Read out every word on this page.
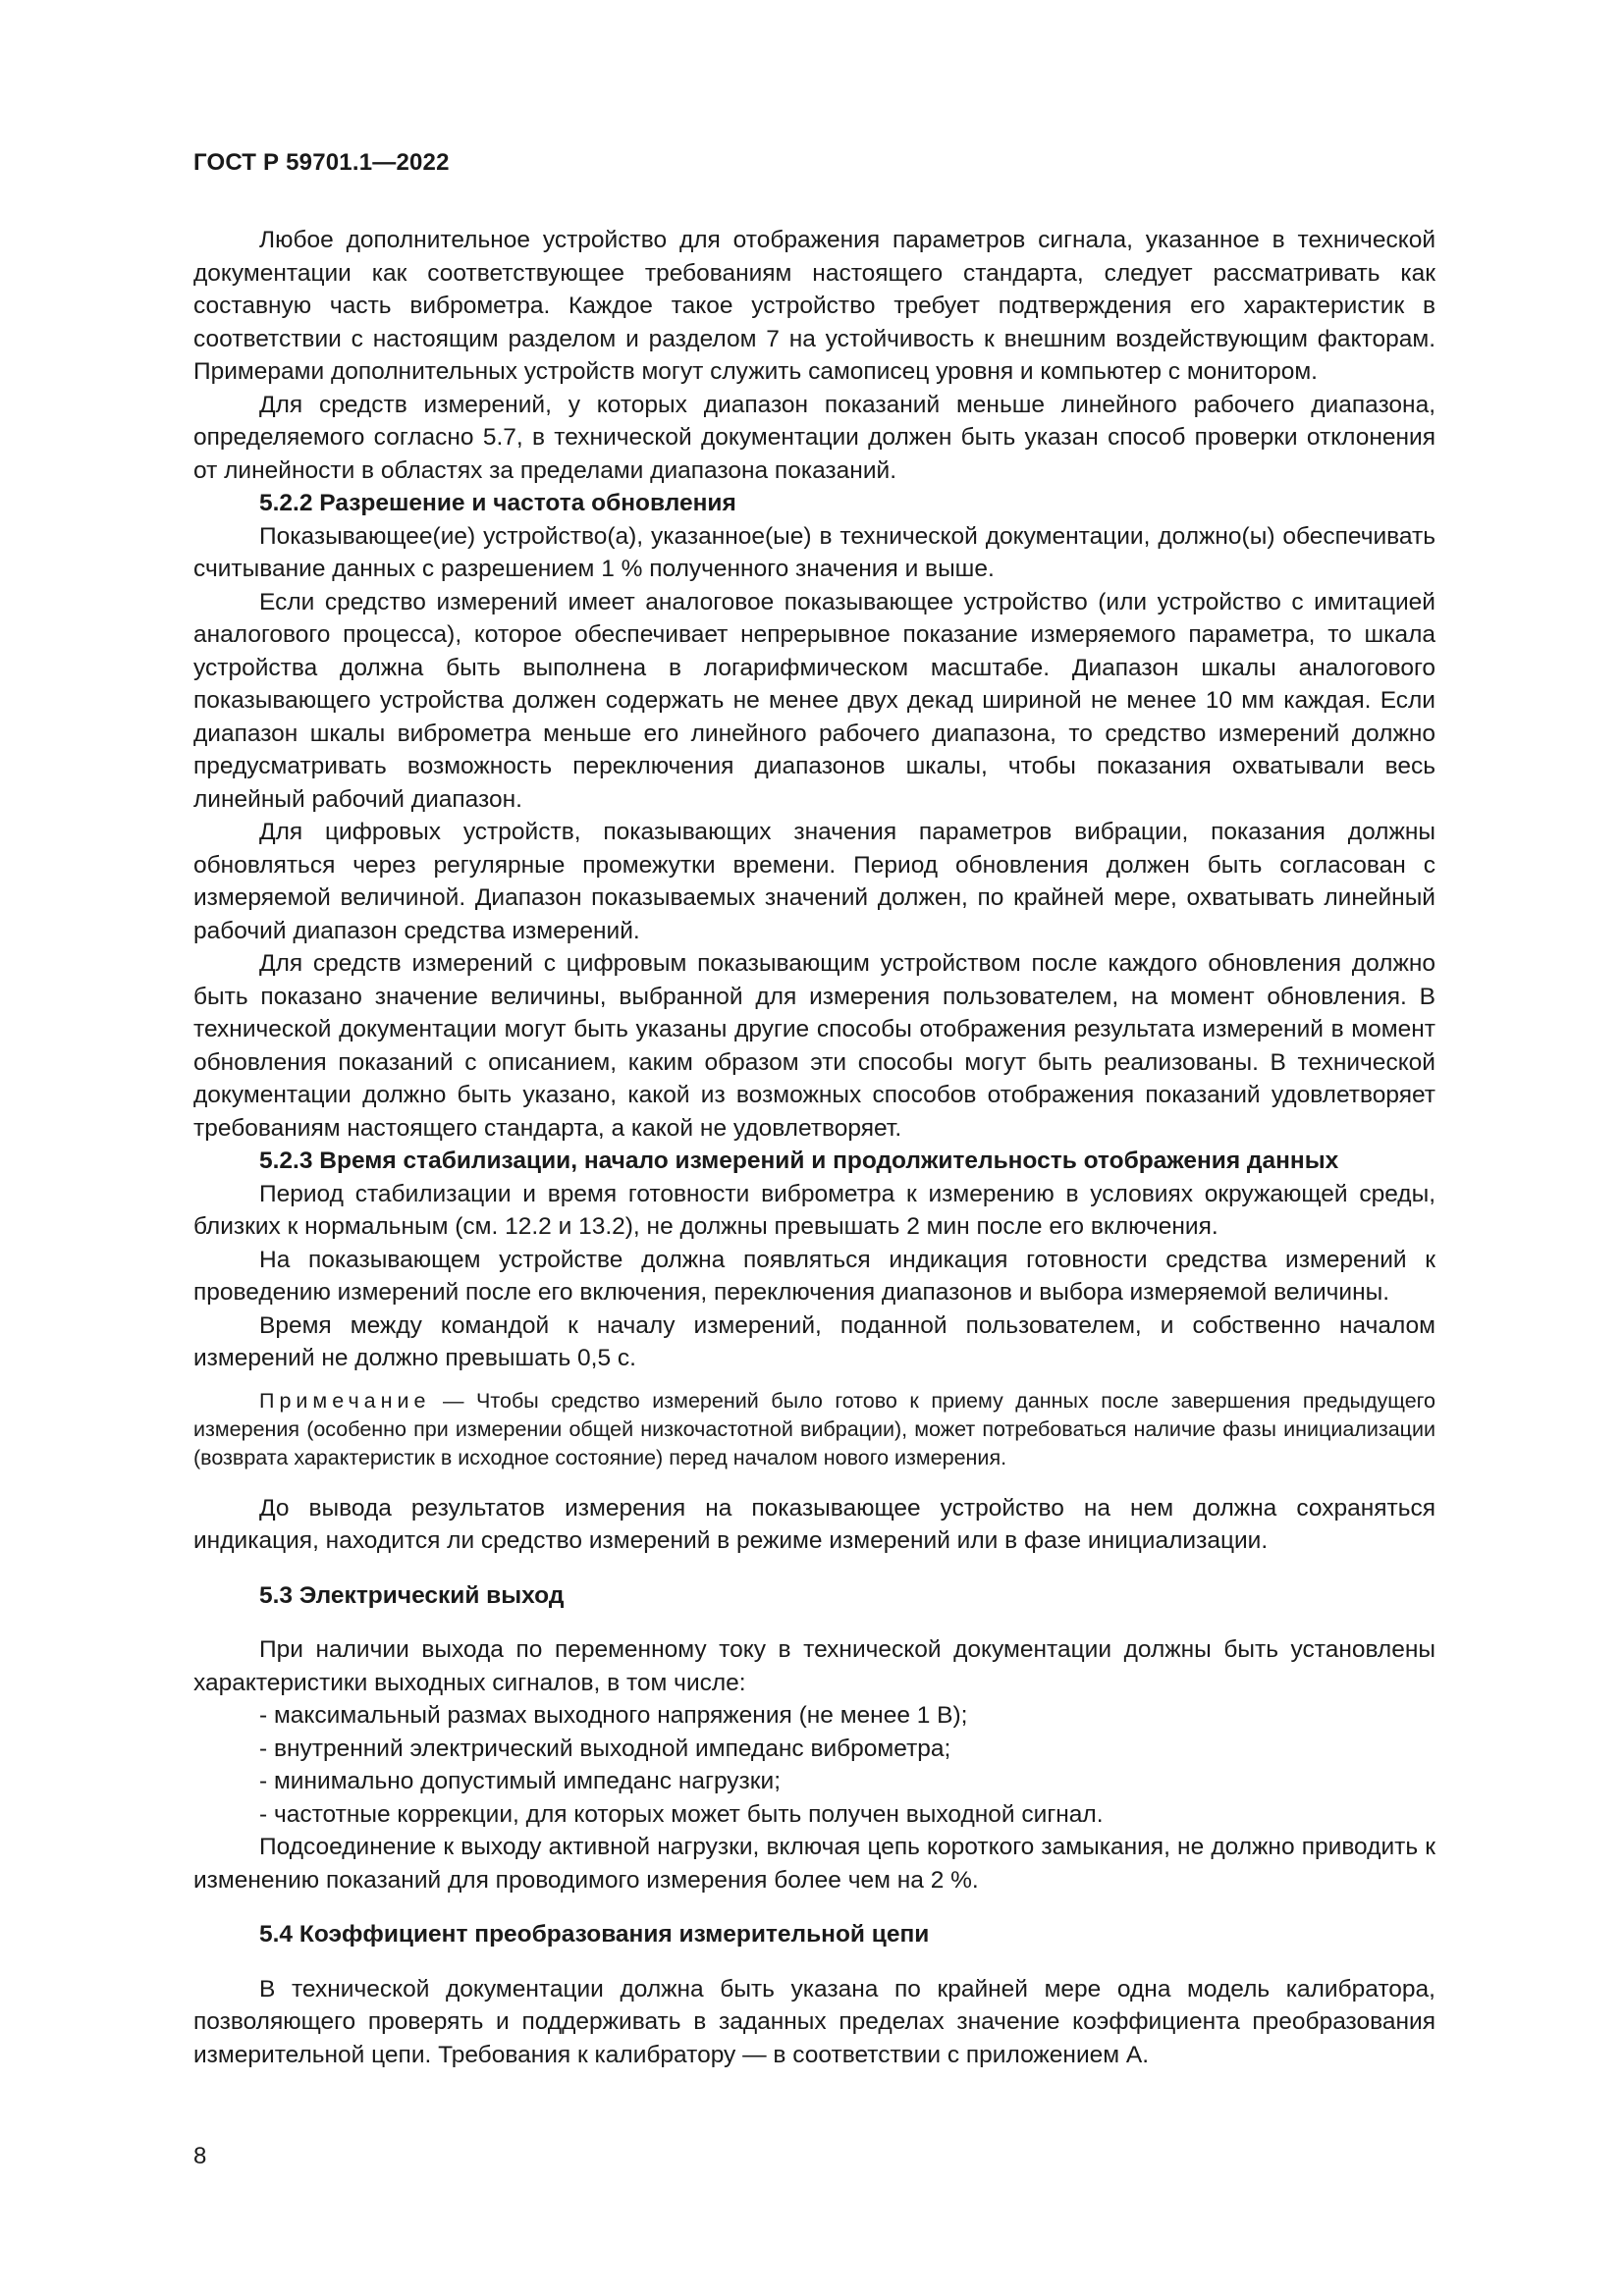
ГОСТ Р 59701.1—2022

Любое дополнительное устройство для отображения параметров сигнала, указанное в технической документации как соответствующее требованиям настоящего стандарта, следует рассматривать как составную часть виброметра. Каждое такое устройство требует подтверждения его характеристик в соответствии с настоящим разделом и разделом 7 на устойчивость к внешним воздействующим факторам. Примерами дополнительных устройств могут служить самописец уровня и компьютер с монитором.

Для средств измерений, у которых диапазон показаний меньше линейного рабочего диапазона, определяемого согласно 5.7, в технической документации должен быть указан способ проверки отклонения от линейности в областях за пределами диапазона показаний.

5.2.2 Разрешение и частота обновления

Показывающее(ие) устройство(а), указанное(ые) в технической документации, должно(ы) обеспечивать считывание данных с разрешением 1 % полученного значения и выше.

Если средство измерений имеет аналоговое показывающее устройство (или устройство с имитацией аналогового процесса), которое обеспечивает непрерывное показание измеряемого параметра, то шкала устройства должна быть выполнена в логарифмическом масштабе. Диапазон шкалы аналогового показывающего устройства должен содержать не менее двух декад шириной не менее 10 мм каждая. Если диапазон шкалы виброметра меньше его линейного рабочего диапазона, то средство измерений должно предусматривать возможность переключения диапазонов шкалы, чтобы показания охватывали весь линейный рабочий диапазон.

Для цифровых устройств, показывающих значения параметров вибрации, показания должны обновляться через регулярные промежутки времени. Период обновления должен быть согласован с измеряемой величиной. Диапазон показываемых значений должен, по крайней мере, охватывать линейный рабочий диапазон средства измерений.

Для средств измерений с цифровым показывающим устройством после каждого обновления должно быть показано значение величины, выбранной для измерения пользователем, на момент обновления. В технической документации могут быть указаны другие способы отображения результата измерений в момент обновления показаний с описанием, каким образом эти способы могут быть реализованы. В технической документации должно быть указано, какой из возможных способов отображения показаний удовлетворяет требованиям настоящего стандарта, а какой не удовлетворяет.

5.2.3 Время стабилизации, начало измерений и продолжительность отображения данных

Период стабилизации и время готовности виброметра к измерению в условиях окружающей среды, близких к нормальным (см. 12.2 и 13.2), не должны превышать 2 мин после его включения.

На показывающем устройстве должна появляться индикация готовности средства измерений к проведению измерений после его включения, переключения диапазонов и выбора измеряемой величины.

Время между командой к началу измерений, поданной пользователем, и собственно началом измерений не должно превышать 0,5 с.

Примечание — Чтобы средство измерений было готово к приему данных после завершения предыдущего измерения (особенно при измерении общей низкочастотной вибрации), может потребоваться наличие фазы инициализации (возврата характеристик в исходное состояние) перед началом нового измерения.

До вывода результатов измерения на показывающее устройство на нем должна сохраняться индикация, находится ли средство измерений в режиме измерений или в фазе инициализации.

5.3 Электрический выход

При наличии выхода по переменному току в технической документации должны быть установлены характеристики выходных сигналов, в том числе:

- максимальный размах выходного напряжения (не менее 1 В);
- внутренний электрический выходной импеданс виброметра;
- минимально допустимый импеданс нагрузки;
- частотные коррекции, для которых может быть получен выходной сигнал.

Подсоединение к выходу активной нагрузки, включая цепь короткого замыкания, не должно приводить к изменению показаний для проводимого измерения более чем на 2 %.

5.4 Коэффициент преобразования измерительной цепи

В технической документации должна быть указана по крайней мере одна модель калибратора, позволяющего проверять и поддерживать в заданных пределах значение коэффициента преобразования измерительной цепи. Требования к калибратору — в соответствии с приложением А.

8
